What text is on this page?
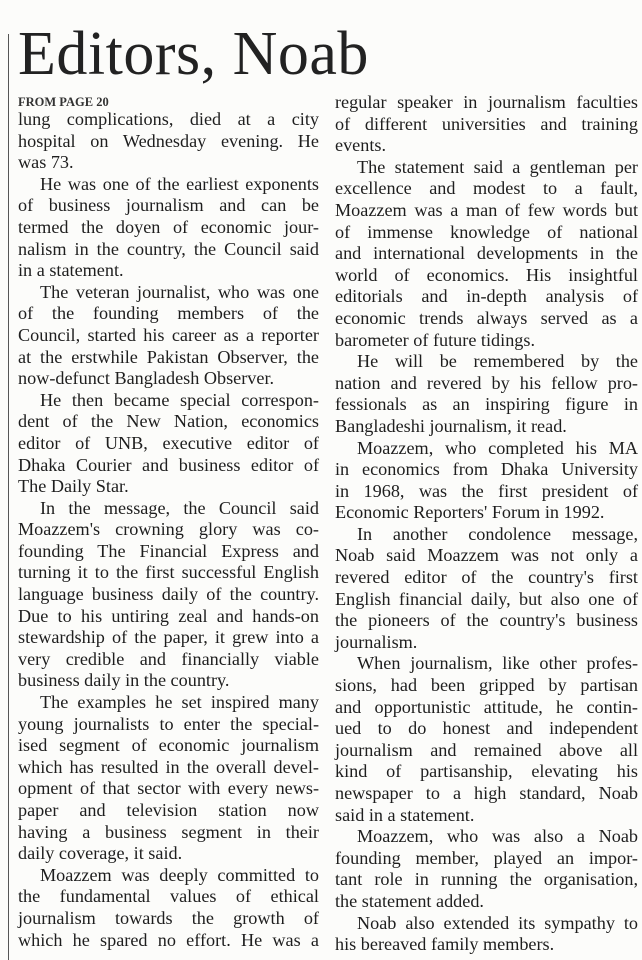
Editors, Noab
FROM PAGE 20
lung complications, died at a city
hospital on Wednesday evening. He
was 73.
He was one of the earliest exponents
of business journalism and can be
termed the doyen of economic jour-
nalism in the country, the Council said
in a statement.
The veteran journalist, who was one
of the founding members of the
Council, started his career as a reporter
at the erstwhile Pakistan Observer, the
now-defunct Bangladesh Observer.
He then became special correspon-
dent of the New Nation, economics
editor of UNB, executive editor of
Dhaka Courier and business editor of
The Daily Star.
In the message, the Council said
Moazzem's crowning glory was co-
founding The Financial Express and
turning it to the first successful English
language business daily of the country.
Due to his untiring zeal and hands-on
stewardship of the paper, it grew into a
very credible and financially viable
business daily in the country.
The examples he set inspired many
young journalists to enter the special-
ised segment of economic journalism
which has resulted in the overall devel-
opment of that sector with every news-
paper and television station now
having a business segment in their
daily coverage, it said.
Moazzem was deeply committed to
the fundamental values of ethical
journalism towards the growth of
which he spared no effort. He was a
regular speaker in journalism faculties
of different universities and training
events.
The statement said a gentleman per
excellence and modest to a fault,
Moazzem was a man of few words but
of immense knowledge of national
and international developments in the
world of economics. His insightful
editorials and in-depth analysis of
economic trends always served as a
barometer of future tidings.
He will be remembered by the
nation and revered by his fellow pro-
fessionals as an inspiring figure in
Bangladeshi journalism, it read.
Moazzem, who completed his MA
in economics from Dhaka University
in 1968, was the first president of
Economic Reporters' Forum in 1992.
In another condolence message,
Noab said Moazzem was not only a
revered editor of the country's first
English financial daily, but also one of
the pioneers of the country's business
journalism.
When journalism, like other profes-
sions, had been gripped by partisan
and opportunistic attitude, he contin-
ued to do honest and independent
journalism and remained above all
kind of partisanship, elevating his
newspaper to a high standard, Noab
said in a statement.
Moazzem, who was also a Noab
founding member, played an impor-
tant role in running the organisation,
the statement added.
Noab also extended its sympathy to
his bereaved family members.
